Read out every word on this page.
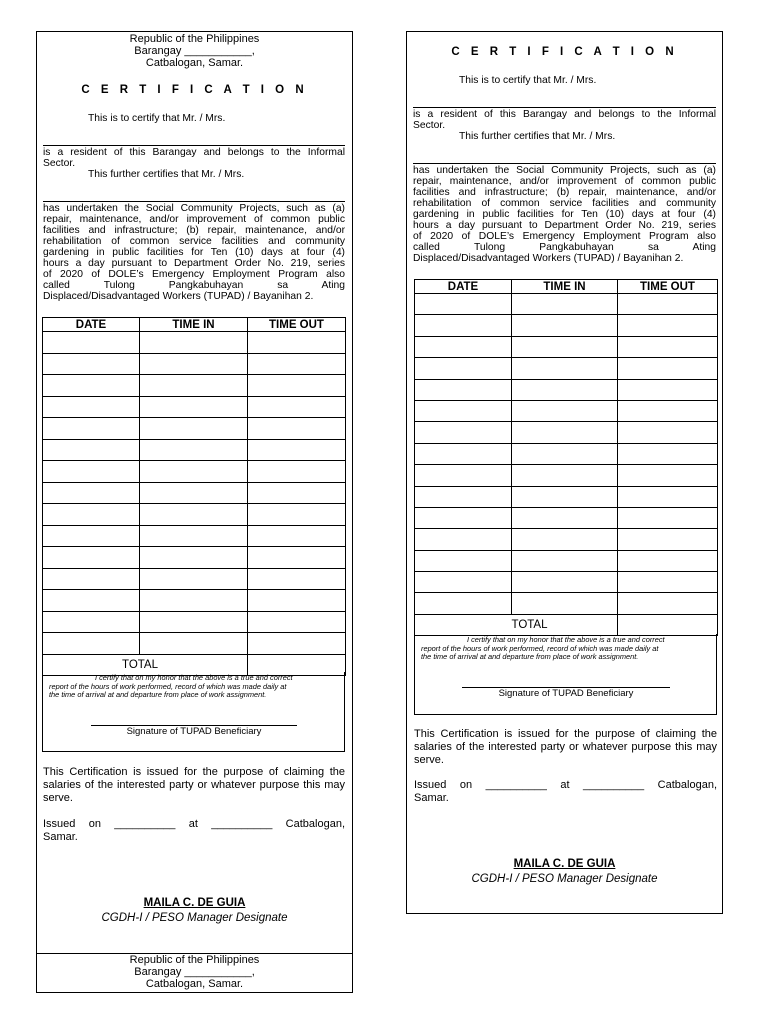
Republic of the Philippines
Barangay ___________,
Catbalogan, Samar.
C E R T I F I C A T I O N
This is to certify that Mr. / Mrs.
is a resident of this Barangay and belongs to the Informal
Sector.
This further certifies that Mr. / Mrs.
has undertaken the Social Community Projects, such as (a)
repair, maintenance, and/or improvement of common public
facilities and infrastructure; (b) repair, maintenance, and/or
rehabilitation of common service facilities and community
gardening in public facilities for Ten (10) days at four (4)
hours a day pursuant to Department Order No. 219, series
of 2020 of DOLE’s Emergency Employment Program also
called Tulong Pangkabuhayan sa Ating
Displaced/Disadvantaged Workers (TUPAD) / Bayanihan 2.
DATE	TIME IN	TIME OUT

TOTAL		
I certify that on my honor that the above is a true and correct
report of the hours of work performed, record of which was made daily at
the time of arrival at and departure from place of work assignment.
Signature of TUPAD Beneficiary
This Certification is issued for the purpose of claiming the salaries of the interested party or whatever purpose this may serve.
Issued on __________ at __________ Catbalogan,
Samar.
MAILA C. DE GUIA
CGDH-I / PESO Manager Designate
Republic of the Philippines
Barangay ___________,
Catbalogan, Samar.
C E R T I F I C A T I O N
This is to certify that Mr. / Mrs.
is a resident of this Barangay and belongs to the Informal
Sector.
This further certifies that Mr. / Mrs.
has undertaken the Social Community Projects, such as (a)
repair, maintenance, and/or improvement of common public
facilities and infrastructure; (b) repair, maintenance, and/or
rehabilitation of common service facilities and community
gardening in public facilities for Ten (10) days at four (4)
hours a day pursuant to Department Order No. 219, series
of 2020 of DOLE’s Emergency Employment Program also
called Tulong Pangkabuhayan sa Ating
Displaced/Disadvantaged Workers (TUPAD) / Bayanihan 2.
DATE	TIME IN	TIME OUT

	TOTAL	
I certify that on my honor that the above is a true and correct
report of the hours of work performed, record of which was made daily at
the time of arrival at and departure from place of work assignment.
Signature of TUPAD Beneficiary
This Certification is issued for the purpose of claiming the salaries of the interested party or whatever purpose this may serve.
Issued on __________ at __________ Catbalogan,
Samar.
MAILA C. DE GUIA
CGDH-I / PESO Manager Designate
